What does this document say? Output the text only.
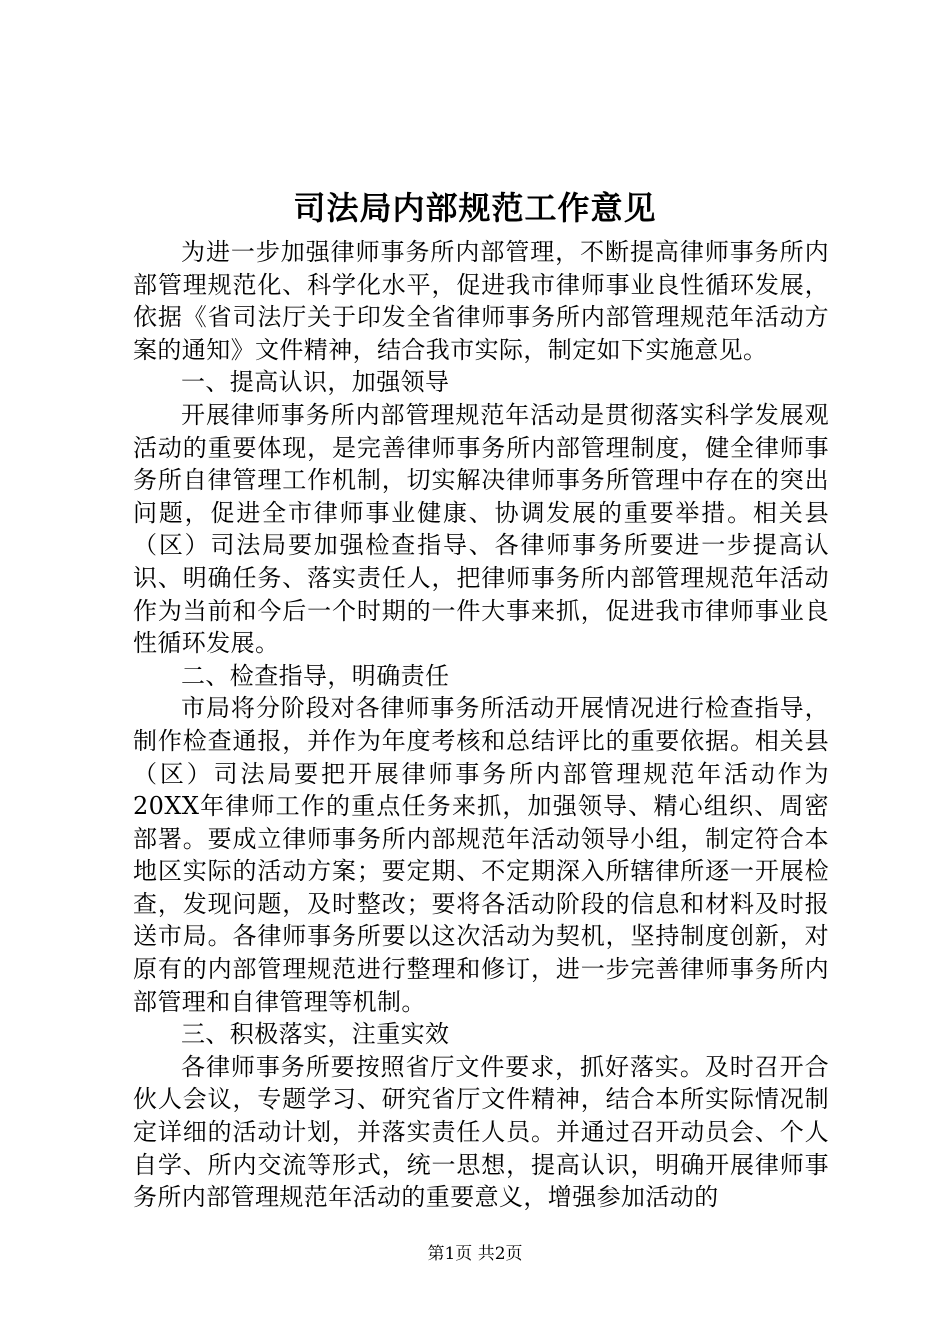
司法局内部规范工作意见

为进一步加强律师事务所内部管理，不断提高律师事务所内部管理规范化、科学化水平，促进我市律师事业良性循环发展，依据《省司法厅关于印发全省律师事务所内部管理规范年活动方案的通知》文件精神，结合我市实际，制定如下实施意见。

一、提高认识，加强领导

开展律师事务所内部管理规范年活动是贯彻落实科学发展观活动的重要体现，是完善律师事务所内部管理制度，健全律师事务所自律管理工作机制，切实解决律师事务所管理中存在的突出问题，促进全市律师事业健康、协调发展的重要举措。相关县（区）司法局要加强检查指导、各律师事务所要进一步提高认识、明确任务、落实责任人，把律师事务所内部管理规范年活动作为当前和今后一个时期的一件大事来抓，促进我市律师事业良性循环发展。

二、检查指导，明确责任

市局将分阶段对各律师事务所活动开展情况进行检查指导，制作检查通报，并作为年度考核和总结评比的重要依据。相关县（区）司法局要把开展律师事务所内部管理规范年活动作为20XX年律师工作的重点任务来抓，加强领导、精心组织、周密部署。要成立律师事务所内部规范年活动领导小组，制定符合本地区实际的活动方案；要定期、不定期深入所辖律所逐一开展检查，发现问题，及时整改；要将各活动阶段的信息和材料及时报送市局。各律师事务所要以这次活动为契机，坚持制度创新，对原有的内部管理规范进行整理和修订，进一步完善律师事务所内部管理和自律管理等机制。

三、积极落实，注重实效

各律师事务所要按照省厅文件要求，抓好落实。及时召开合伙人会议，专题学习、研究省厅文件精神，结合本所实际情况制定详细的活动计划，并落实责任人员。并通过召开动员会、个人自学、所内交流等形式，统一思想，提高认识，明确开展律师事务所内部管理规范年活动的重要意义，增强参加活动的

第1页 共2页
